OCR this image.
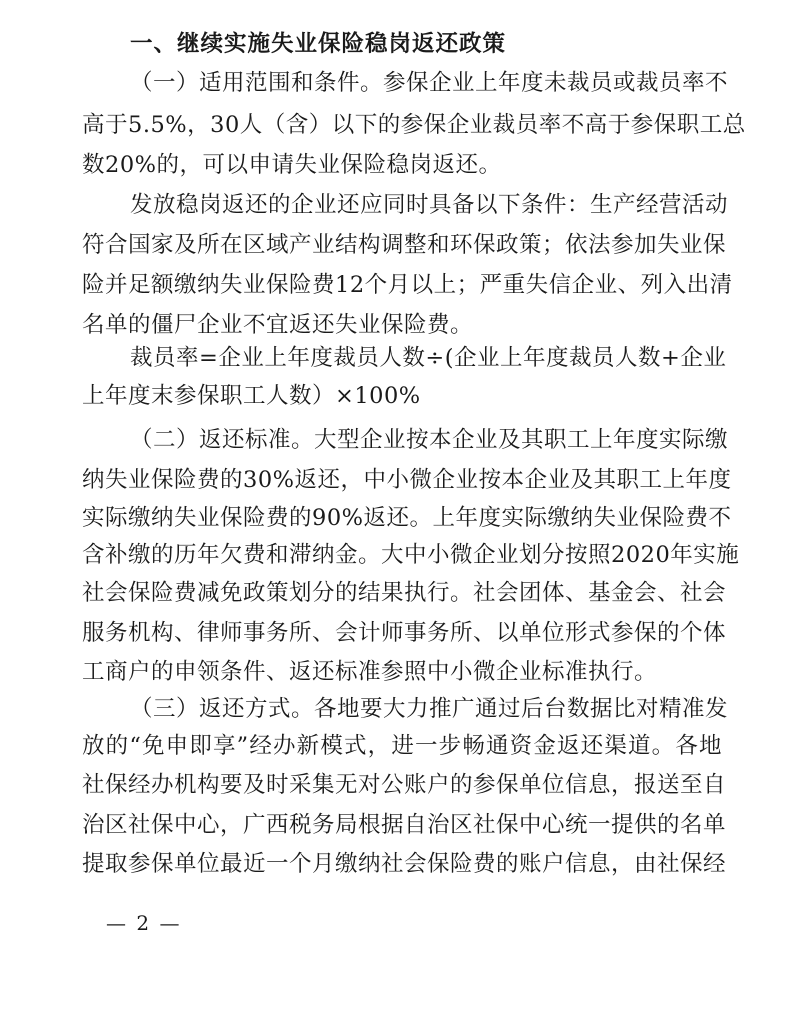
一、继续实施失业保险稳岗返还政策
（一）适用范围和条件。参保企业上年度未裁员或裁员率不
高于5.5%，30人（含）以下的参保企业裁员率不高于参保职工总
数20%的，可以申请失业保险稳岗返还。
发放稳岗返还的企业还应同时具备以下条件：生产经营活动
符合国家及所在区域产业结构调整和环保政策；依法参加失业保
险并足额缴纳失业保险费12个月以上；严重失信企业、列入出清
名单的僵尸企业不宜返还失业保险费。
裁员率=企业上年度裁员人数÷(企业上年度裁员人数+企业
上年度末参保职工人数）×100%
（二）返还标准。大型企业按本企业及其职工上年度实际缴
纳失业保险费的30%返还，中小微企业按本企业及其职工上年度
实际缴纳失业保险费的90%返还。上年度实际缴纳失业保险费不
含补缴的历年欠费和滞纳金。大中小微企业划分按照2020年实施
社会保险费减免政策划分的结果执行。社会团体、基金会、社会
服务机构、律师事务所、会计师事务所、以单位形式参保的个体
工商户的申领条件、返还标准参照中小微企业标准执行。
（三）返还方式。各地要大力推广通过后台数据比对精准发
放的“免申即享”经办新模式，进一步畅通资金返还渠道。各地
社保经办机构要及时采集无对公账户的参保单位信息，报送至自
治区社保中心，广西税务局根据自治区社保中心统一提供的名单
提取参保单位最近一个月缴纳社会保险费的账户信息，由社保经
— 2 —
